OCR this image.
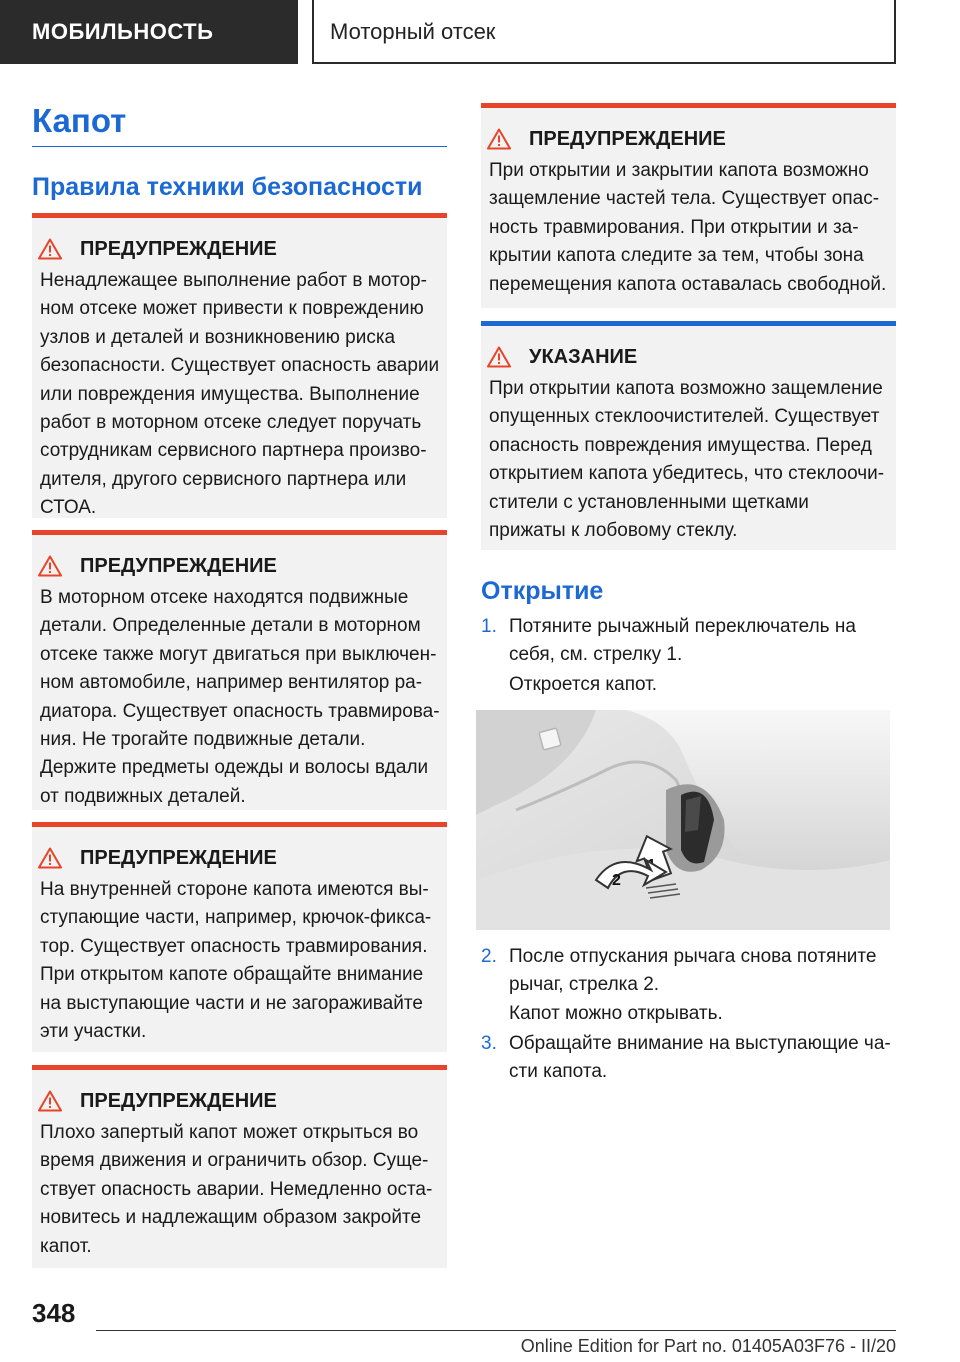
МОБИЛЬНОСТЬ	Моторный отсек
Капот
Правила техники безопасности
ПРЕДУПРЕЖДЕНИЕ
Ненадлежащее выполнение работ в мотор-ном отсеке может привести к повреждению узлов и деталей и возникновению риска безопасности. Существует опасность аварии или повреждения имущества. Выполнение работ в моторном отсеке следует поручать сотрудникам сервисного партнера произво-дителя, другого сервисного партнера или СТОА.
ПРЕДУПРЕЖДЕНИЕ
В моторном отсеке находятся подвижные детали. Определенные детали в моторном отсеке также могут двигаться при выключен-ном автомобиле, например вентилятор ра-диатора. Существует опасность травмирова-ния. Не трогайте подвижные детали. Держите предметы одежды и волосы вдали от подвижных деталей.
ПРЕДУПРЕЖДЕНИЕ
На внутренней стороне капота имеются вы-ступающие части, например, крючок-фикса-тор. Существует опасность травмирования. При открытом капоте обращайте внимание на выступающие части и не загораживайте эти участки.
ПРЕДУПРЕЖДЕНИЕ
Плохо запертый капот может открыться во время движения и ограничить обзор. Суще-ствует опасность аварии. Немедленно оста-новитесь и надлежащим образом закройте капот.
ПРЕДУПРЕЖДЕНИЕ
При открытии и закрытии капота возможно защемление частей тела. Существует опас-ность травмирования. При открытии и за-крытии капота следите за тем, чтобы зона перемещения капота оставалась свободной.
УКАЗАНИЕ
При открытии капота возможно защемление опущенных стеклоочистителей. Существует опасность повреждения имущества. Перед открытием капота убедитесь, что стеклоочи-стители с установленными щетками прижаты к лобовому стеклу.
Открытие
1. Потяните рычажный переключатель на себя, см. стрелку 1.
Откроется капот.
2
2. После отпускания рычага снова потяните рычаг, стрелка 2.
Капот можно открывать.
3. Обращайте внимание на выступающие ча-сти капота.
348
Online Edition for Part no. 01405A03F76 - II/20
